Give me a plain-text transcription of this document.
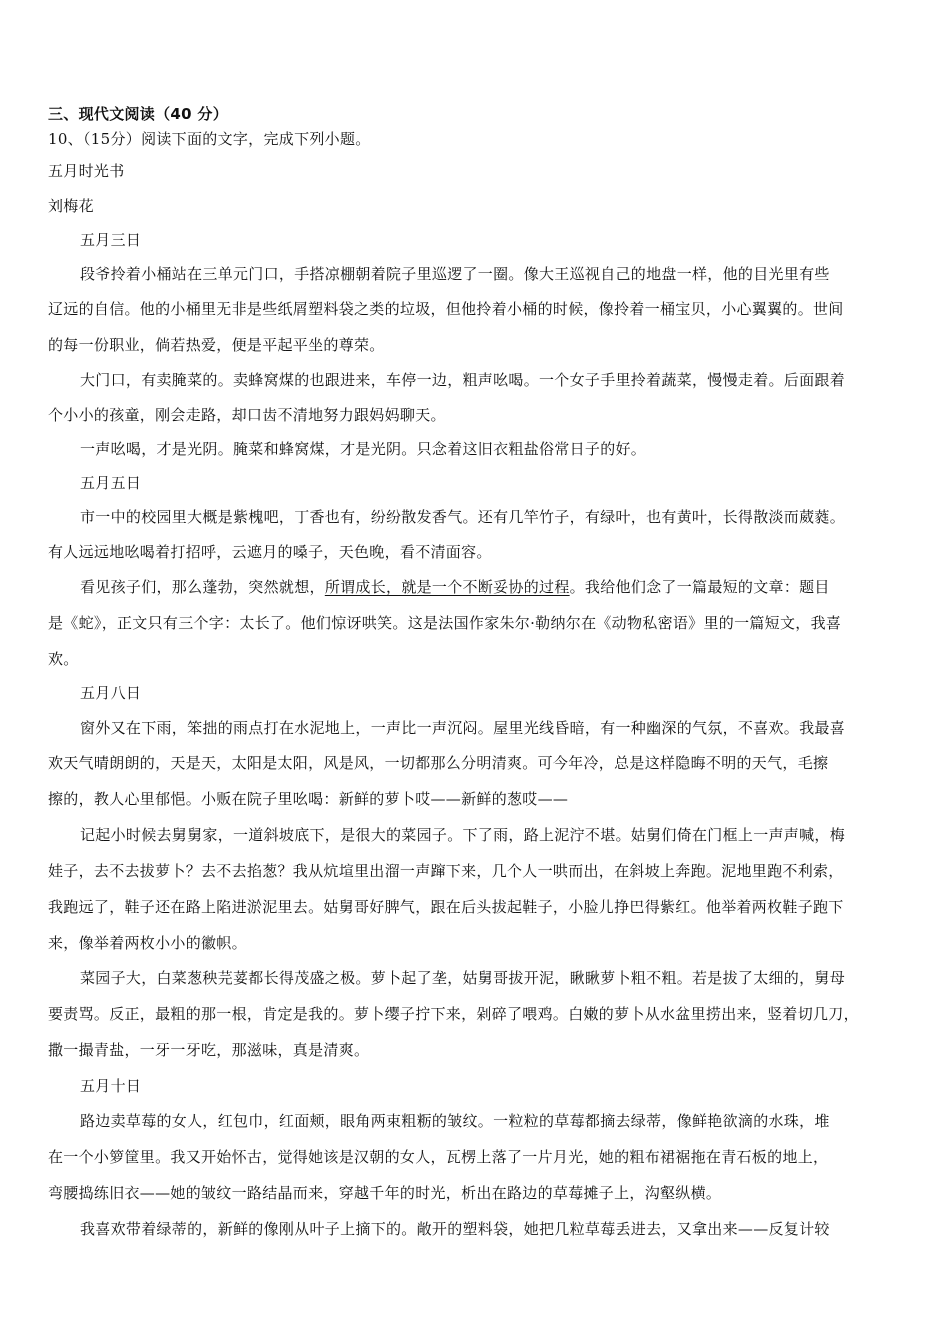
三、现代文阅读（40 分）
10、（15分）阅读下面的文字，完成下列小题。
五月时光书
刘梅花
五月三日
段爷拎着小桶站在三单元门口，手搭凉棚朝着院子里巡逻了一圈。像大王巡视自己的地盘一样，他的目光里有些
辽远的自信。他的小桶里无非是些纸屑塑料袋之类的垃圾，但他拎着小桶的时候，像拎着一桶宝贝，小心翼翼的。世间
的每一份职业，倘若热爱，便是平起平坐的尊荣。
大门口，有卖腌菜的。卖蜂窝煤的也跟进来，车停一边，粗声吆喝。一个女子手里拎着蔬菜，慢慢走着。后面跟着
个小小的孩童，刚会走路，却口齿不清地努力跟妈妈聊天。
一声吆喝，才是光阴。腌菜和蜂窝煤，才是光阴。只念着这旧衣粗盐俗常日子的好。
五月五日
市一中的校园里大概是紫槐吧，丁香也有，纷纷散发香气。还有几竿竹子，有绿叶，也有黄叶，长得散淡而葳蕤。
有人远远地吆喝着打招呼，云遮月的嗓子，天色晚，看不清面容。
看见孩子们，那么蓬勃，突然就想，所谓成长，就是一个不断妥协的过程。我给他们念了一篇最短的文章：题目
是《蛇》，正文只有三个字：太长了。他们惊讶哄笑。这是法国作家朱尔·勒纳尔在《动物私密语》里的一篇短文，我喜
欢。
五月八日
窗外又在下雨，笨拙的雨点打在水泥地上，一声比一声沉闷。屋里光线昏暗，有一种幽深的气氛，不喜欢。我最喜
欢天气晴朗朗的，天是天，太阳是太阳，风是风，一切都那么分明清爽。可今年冷，总是这样隐晦不明的天气，毛擦
擦的，教人心里郁悒。小贩在院子里吆喝：新鲜的萝卜哎——新鲜的葱哎——
记起小时候去舅舅家，一道斜坡底下，是很大的菜园子。下了雨，路上泥泞不堪。姑舅们倚在门框上一声声喊，梅
娃子，去不去拔萝卜？去不去掐葱？我从炕塇里出溜一声蹿下来，几个人一哄而出，在斜坡上奔跑。泥地里跑不利索，
我跑远了，鞋子还在路上陷进淤泥里去。姑舅哥好脾气，跟在后头拔起鞋子，小脸儿挣巴得紫红。他举着两枚鞋子跑下
来，像举着两枚小小的徽帜。
菜园子大，白菜葱秧芫荽都长得茂盛之极。萝卜起了垄，姑舅哥拔开泥，瞅瞅萝卜粗不粗。若是拔了太细的，舅母
要责骂。反正，最粗的那一根，肯定是我的。萝卜缨子拧下来，剁碎了喂鸡。白嫩的萝卜从水盆里捞出来，竖着切几刀，
撒一撮青盐，一牙一牙吃，那滋味，真是清爽。
五月十日
路边卖草莓的女人，红包巾，红面颊，眼角两束粗粝的皱纹。一粒粒的草莓都摘去绿蒂，像鲜艳欲滴的水珠，堆
在一个小箩筐里。我又开始怀古，觉得她该是汉朝的女人，瓦楞上落了一片月光，她的粗布裙裾拖在青石板的地上，
弯腰捣练旧衣——她的皱纹一路结晶而来，穿越千年的时光，析出在路边的草莓摊子上，沟壑纵横。
我喜欢带着绿蒂的，新鲜的像刚从叶子上摘下的。敞开的塑料袋，她把几粒草莓丢进去，又拿出来——反复计较
